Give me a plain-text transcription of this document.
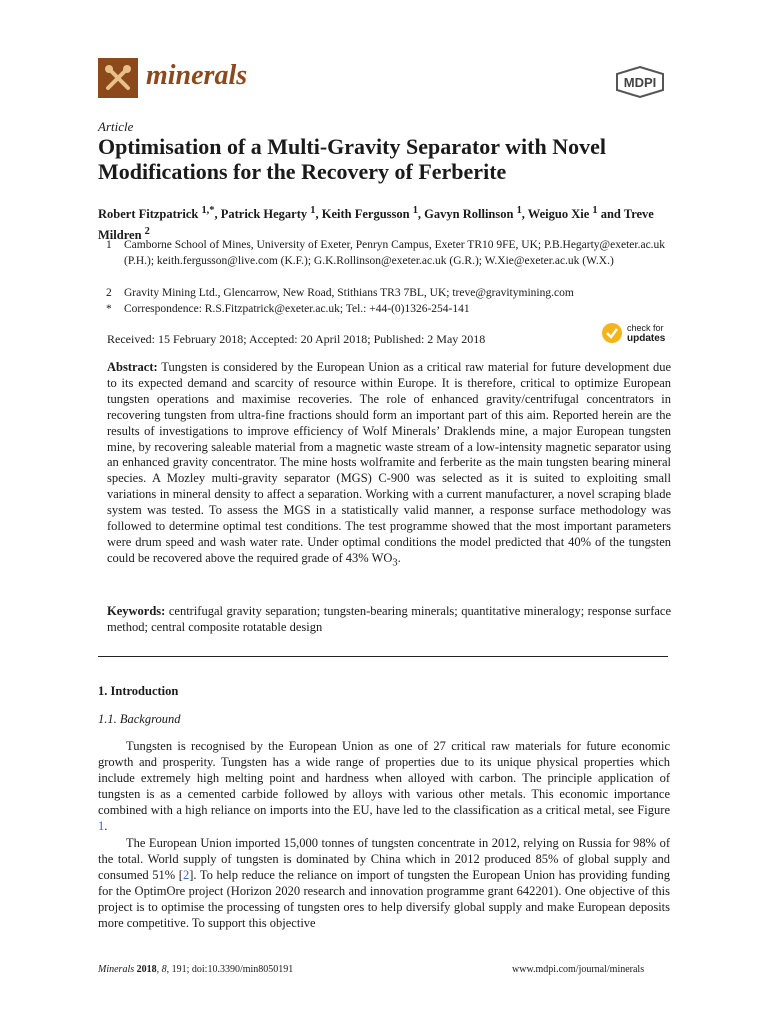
minerals	MDPI
Article
Optimisation of a Multi-Gravity Separator with Novel Modifications for the Recovery of Ferberite
Robert Fitzpatrick $^{1,*}$, Patrick Hegarty $^1$, Keith Fergusson $^1$, Gavyn Rollinson $^1$, Weiguo Xie $^1$ and Treve Mildren $^2$
1	Camborne School of Mines, University of Exeter, Penryn Campus, Exeter TR10 9FE, UK; P.B.Hegarty@exeter.ac.uk (P.H.); keith.fergusson@live.com (K.F.); G.K.Rollinson@exeter.ac.uk (G.R.); W.Xie@exeter.ac.uk (W.X.)
2	Gravity Mining Ltd., Glencarrow, New Road, Stithians TR3 7BL, UK; treve@gravitymining.com
*	Correspondence: R.S.Fitzpatrick@exeter.ac.uk; Tel.: +44-(0)1326-254-141
Received: 15 February 2018; Accepted: 20 April 2018; Published: 2 May 2018
check for
updates
Abstract: Tungsten is considered by the European Union as a critical raw material for future development due to its expected demand and scarcity of resource within Europe. It is therefore, critical to optimize European tungsten operations and maximise recoveries. The role of enhanced gravity/centrifugal concentrators in recovering tungsten from ultra-fine fractions should form an important part of this aim. Reported herein are the results of investigations to improve efficiency of Wolf Minerals’ Draklends mine, a major European tungsten mine, by recovering saleable material from a magnetic waste stream of a low-intensity magnetic separator using an enhanced gravity concentrator. The mine hosts wolframite and ferberite as the main tungsten bearing mineral species. A Mozley multi-gravity separator (MGS) C-900 was selected as it is suited to exploiting small variations in mineral density to affect a separation. Working with a current manufacturer, a novel scraping blade system was tested. To assess the MGS in a statistically valid manner, a response surface methodology was followed to determine optimal test conditions. The test programme showed that the most important parameters were drum speed and wash water rate. Under optimal conditions the model predicted that 40% of the tungsten could be recovered above the required grade of 43% $WO_3$.
Keywords: centrifugal gravity separation; tungsten-bearing minerals; quantitative mineralogy; response surface method; central composite rotatable design
1. Introduction
1.1. Background
Tungsten is recognised by the European Union as one of 27 critical raw materials for future economic growth and prosperity. Tungsten has a wide range of properties due to its unique physical properties which include extremely high melting point and hardness when alloyed with carbon. The principle application of tungsten is as a cemented carbide followed by alloys with various other metals. This economic importance combined with a high reliance on imports into the EU, have led to the classification as a critical metal, see Figure 1.
The European Union imported 15,000 tonnes of tungsten concentrate in 2012, relying on Russia for 98% of the total. World supply of tungsten is dominated by China which in 2012 produced 85% of global supply and consumed 51% [2]. To help reduce the reliance on import of tungsten the European Union has providing funding for the OptimOre project (Horizon 2020 research and innovation programme grant 642201). One objective of this project is to optimise the processing of tungsten ores to help diversify global supply and make European deposits more competitive. To support this objective
Minerals 2018, 8, 191; doi:10.3390/min8050191	www.mdpi.com/journal/minerals
